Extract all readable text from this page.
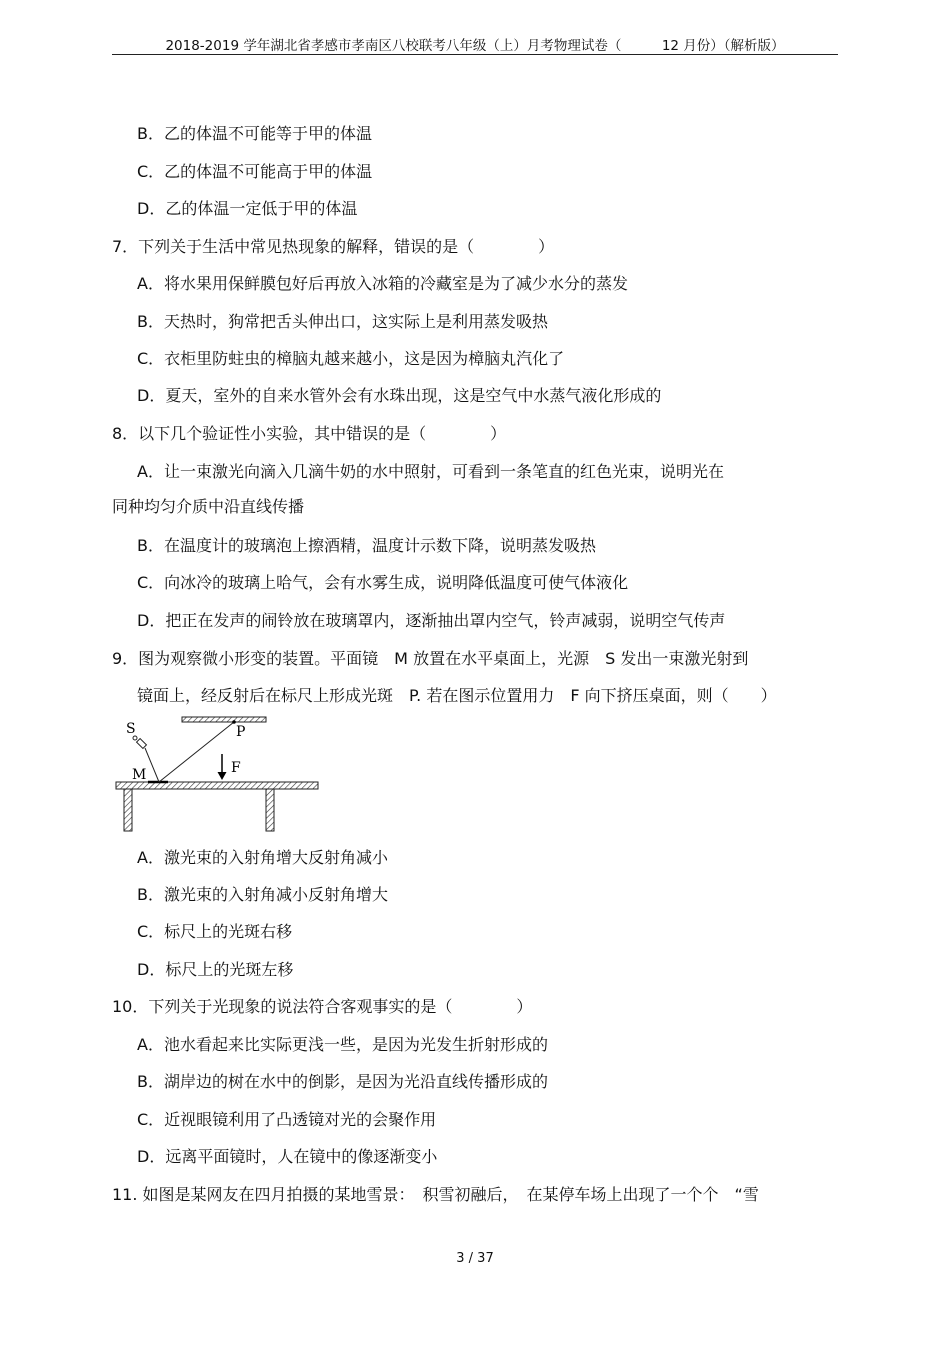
2018-2019 学年湖北省孝感市孝南区八校联考八年级（上）月考物理试卷（　　　12 月份）（解析版）
B．乙的体温不可能等于甲的体温
C．乙的体温不可能高于甲的体温
D．乙的体温一定低于甲的体温
7．下列关于生活中常见热现象的解释，错误的是（　　　　）
A．将水果用保鲜膜包好后再放入冰箱的冷藏室是为了减少水分的蒸发
B．天热时，狗常把舌头伸出口，这实际上是利用蒸发吸热
C．衣柜里防蛀虫的樟脑丸越来越小，这是因为樟脑丸汽化了
D．夏天，室外的自来水管外会有水珠出现，这是空气中水蒸气液化形成的
8．以下几个验证性小实验，其中错误的是（　　　　）
A．让一束激光向滴入几滴牛奶的水中照射，可看到一条笔直的红色光束，说明光在
同种均匀介质中沿直线传播
B．在温度计的玻璃泡上擦酒精，温度计示数下降，说明蒸发吸热
C．向冰冷的玻璃上哈气，会有水雾生成，说明降低温度可使气体液化
D．把正在发声的闹铃放在玻璃罩内，逐渐抽出罩内空气，铃声减弱，说明空气传声
9．图为观察微小形变的装置。平面镜　M 放置在水平桌面上，光源　S 发出一束激光射到
镜面上，经反射后在标尺上形成光斑　P. 若在图示位置用力　F 向下挤压桌面，则（　　）
S	P
M	F
A．激光束的入射角增大反射角减小
B．激光束的入射角减小反射角增大
C．标尺上的光斑右移
D．标尺上的光斑左移
10．下列关于光现象的说法符合客观事实的是（　　　　）
A．池水看起来比实际更浅一些，是因为光发生折射形成的
B．湖岸边的树在水中的倒影，是因为光沿直线传播形成的
C．近视眼镜利用了凸透镜对光的会聚作用
D．远离平面镜时，人在镜中的像逐渐变小
11. 如图是某网友在四月拍摄的某地雪景：　积雪初融后，　在某停车场上出现了一个个　“雪
3 / 37
